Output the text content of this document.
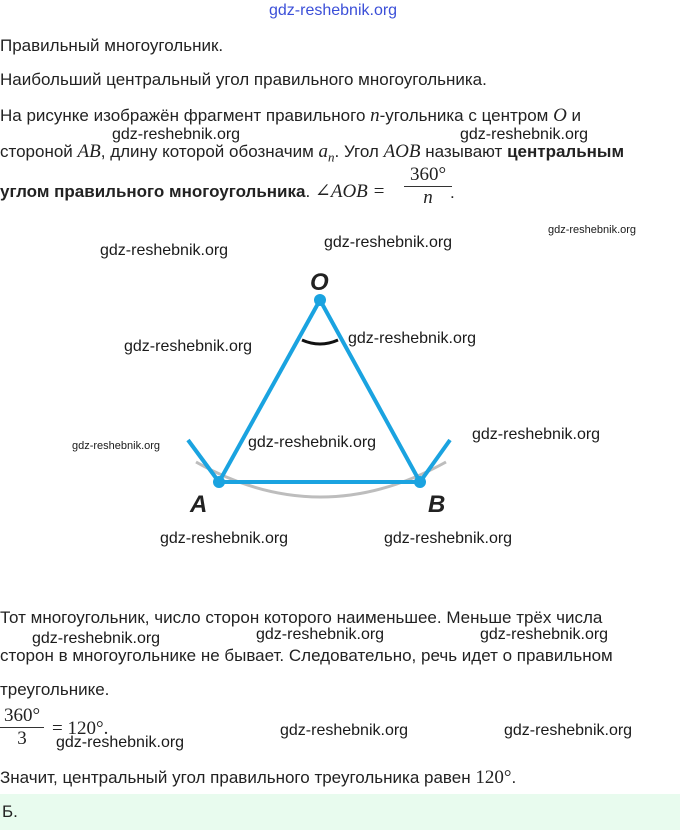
gdz-reshebnik.org
Правильный многоугольник.
Наибольший центральный угол правильного многоугольника.
На рисунке изображён фрагмент правильного n-угольника с центром O и
стороной AB, длину которой обозначим $a_n$. Угол AOB называют центральным
углом правильного многоугольника. ∠AOB =
360°
n	.
O
A	B
Тот многоугольник, число сторон которого наименьшее. Меньше трёх числа
сторон в многоугольнике не бывает. Следовательно, речь идет о правильном
треугольнике.
360°
3	= 120°.
Значит, центральный угол правильного треугольника равен 120°.
Б.
gdz-reshebnik.org	gdz-reshebnik.org
gdz-reshebnik.org
gdz-reshebnik.org	gdz-reshebnik.org
gdz-reshebnik.org	gdz-reshebnik.org
gdz-reshebnik.org	gdz-reshebnik.org	gdz-reshebnik.org
gdz-reshebnik.org	gdz-reshebnik.org
gdz-reshebnik.org	gdz-reshebnik.org	gdz-reshebnik.org
gdz-reshebnik.org
gdz-reshebnik.org	gdz-reshebnik.org
